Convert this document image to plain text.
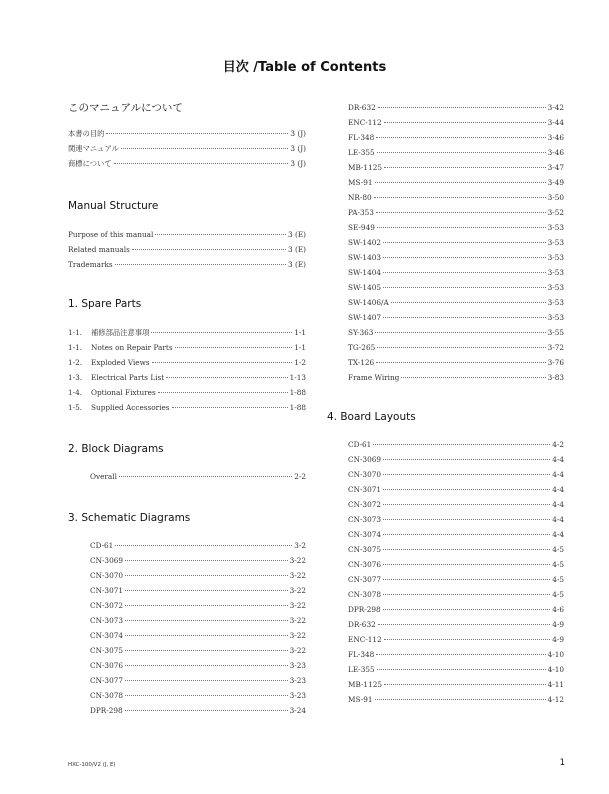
目次 /Table of Contents
このマニュアルについて
本書の目的	3 (J)
関連マニュアル	3 (J)
商標について	3 (J)
Manual Structure
Purpose of this manual	3 (E)
Related manuals	3 (E)
Trademarks	3 (E)
1. Spare Parts
1-1.	補修部品注意事項	1-1
1-1.	Notes on Repair Parts	1-1
1-2.	Exploded Views	1-2
1-3.	Electrical Parts List	1-13
1-4.	Optional Fixtures	1-88
1-5.	Supplied Accessories	1-88
2. Block Diagrams
Overall	2-2
3. Schematic Diagrams
CD-61	3-2
CN-3069	3-22
CN-3070	3-22
CN-3071	3-22
CN-3072	3-22
CN-3073	3-22
CN-3074	3-22
CN-3075	3-22
CN-3076	3-23
CN-3077	3-23
CN-3078	3-23
DPR-298	3-24
DR-632	3-42
ENC-112	3-44
FL-348	3-46
LE-355	3-46
MB-1125	3-47
MS-91	3-49
NR-80	3-50
PA-353	3-52
SE-949	3-53
SW-1402	3-53
SW-1403	3-53
SW-1404	3-53
SW-1405	3-53
SW-1406/A	3-53
SW-1407	3-53
SY-363	3-55
TG-265	3-72
TX-126	3-76
Frame Wiring	3-83
4. Board Layouts
CD-61	4-2
CN-3069	4-4
CN-3070	4-4
CN-3071	4-4
CN-3072	4-4
CN-3073	4-4
CN-3074	4-4
CN-3075	4-5
CN-3076	4-5
CN-3077	4-5
CN-3078	4-5
DPR-298	4-6
DR-632	4-9
ENC-112	4-9
FL-348	4-10
LE-355	4-10
MB-1125	4-11
MS-91	4-12
HXC-100/V2 (J, E)	1
